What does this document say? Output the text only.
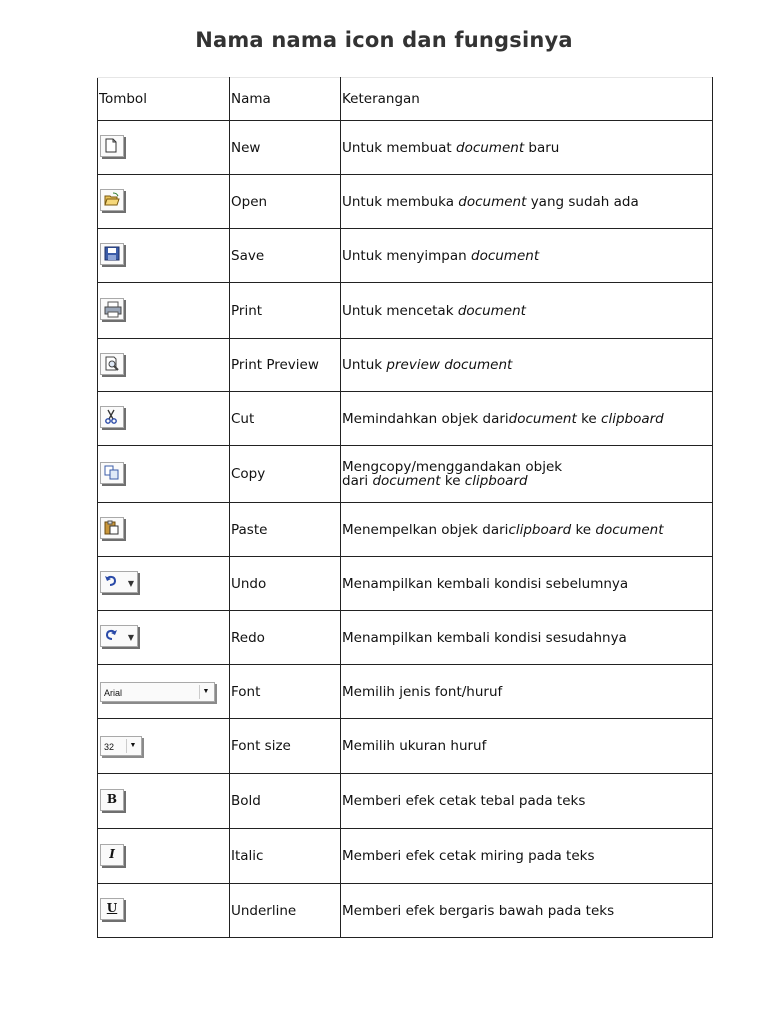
Nama nama icon dan fungsinya
Tombol	Nama	Keterangan

	New	Untuk membuat document baru

	Open	Untuk membuka document yang sudah ada

	Save	Untuk menyimpan document

	Print	Untuk mencetak document

	Print Preview	Untuk preview document

	Cut	Memindahkan objek daridocument ke clipboard

	Copy	Mengcopy/menggandakan objek
dari document ke clipboard

	Paste	Menempelkan objek dariclipboard ke document

▼	Undo	Menampilkan kembali kondisi sebelumnya

▼	Redo	Menampilkan kembali kondisi sesudahnya
Arial ▼	Font	Memilih jenis font/huruf
32 ▼	Font size	Memilih ukuran huruf

B	Bold	Memberi efek cetak tebal pada teks

I	Italic	Memberi efek cetak miring pada teks

U	Underline	Memberi efek bergaris bawah pada teks
